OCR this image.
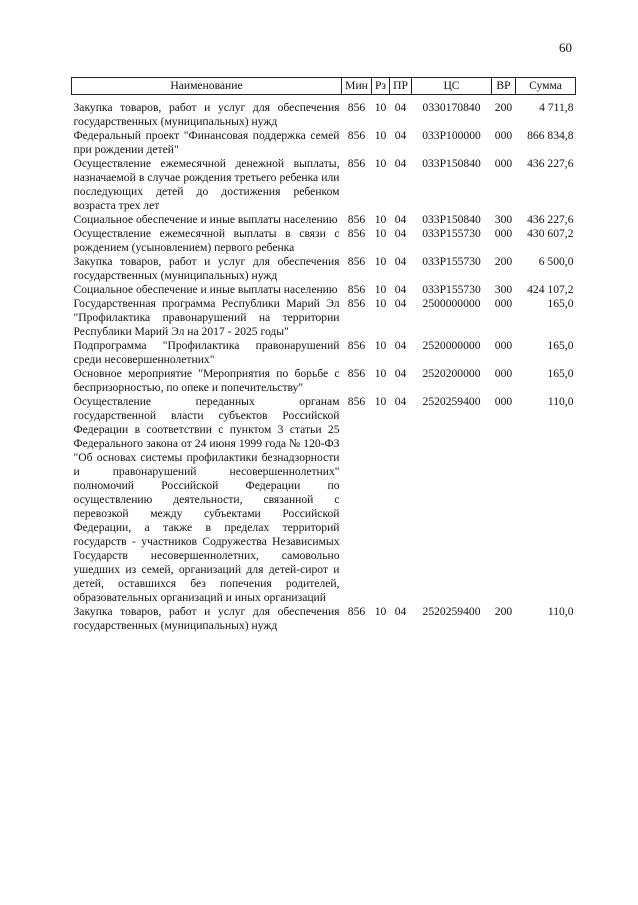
60
Наименование	Мин	Рз	ПР	ЦС	ВР	Сумма

Закупка товаров, работ и услуг для обеспечения государственных (муниципальных) нужд	856	10	04	0330170840	200	4 711,8
Федеральный проект "Финансовая поддержка семей при рождении детей"	856	10	04	033P100000	000	866 834,8
Осуществление ежемесячной денежной выплаты, назначаемой в случае рождения третьего ребенка или последующих детей до достижения ребенком возраста трех лет	856	10	04	033P150840	000	436 227,6
Социальное обеспечение и иные выплаты населению	856	10	04	033P150840	300	436 227,6
Осуществление ежемесячной выплаты в связи с рождением (усыновлением) первого ребенка	856	10	04	033P155730	000	430 607,2
Закупка товаров, работ и услуг для обеспечения государственных (муниципальных) нужд	856	10	04	033P155730	200	6 500,0
Социальное обеспечение и иные выплаты населению	856	10	04	033P155730	300	424 107,2
Государственная программа Республики Марий Эл "Профилактика правонарушений на территории Республики Марий Эл на 2017 - 2025 годы"	856	10	04	2500000000	000	165,0
Подпрограмма "Профилактика правонарушений среди несовершеннолетних"	856	10	04	2520000000	000	165,0
Основное мероприятие "Мероприятия по борьбе с беспризорностью, по опеке и попечительству"	856	10	04	2520200000	000	165,0
Осуществление переданных органам государственной власти субъектов Российской Федерации в соответствии с пунктом 3 статьи 25 Федерального закона от 24 июня 1999 года № 120-ФЗ "Об основах системы профилактики безнадзорности и правонарушений несовершеннолетних" полномочий Российской Федерации по осуществлению деятельности, связанной с перевозкой между субъектами Российской Федерации, а также в пределах территорий государств - участников Содружества Независимых Государств несовершеннолетних, самовольно ушедших из семей, организаций для детей-сирот и детей, оставшихся без попечения родителей, образовательных организаций и иных организаций	856	10	04	2520259400	000	110,0
Закупка товаров, работ и услуг для обеспечения государственных (муниципальных) нужд	856	10	04	2520259400	200	110,0
